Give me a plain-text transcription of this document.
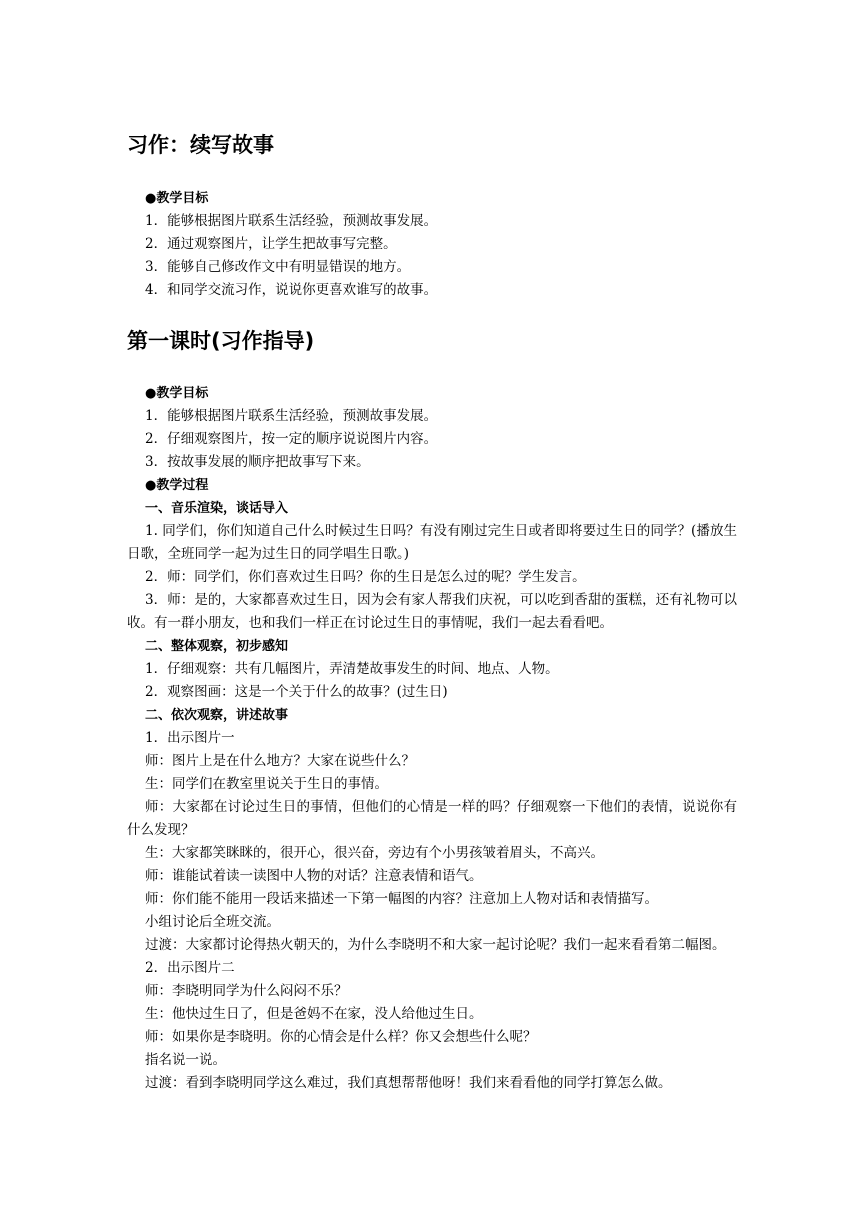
习作：续写故事
●教学目标
1．能够根据图片联系生活经验，预测故事发展。
2．通过观察图片，让学生把故事写完整。
3．能够自己修改作文中有明显错误的地方。
4．和同学交流习作，说说你更喜欢谁写的故事。
第一课时(习作指导)
●教学目标
1．能够根据图片联系生活经验，预测故事发展。
2．仔细观察图片，按一定的顺序说说图片内容。
3．按故事发展的顺序把故事写下来。
●教学过程
一、音乐渲染，谈话导入
1. 同学们，你们知道自己什么时候过生日吗？有没有刚过完生日或者即将要过生日的同学？(播放生日歌，全班同学一起为过生日的同学唱生日歌。)
2．师：同学们，你们喜欢过生日吗？你的生日是怎么过的呢？学生发言。
3．师：是的，大家都喜欢过生日，因为会有家人帮我们庆祝，可以吃到香甜的蛋糕，还有礼物可以收。有一群小朋友，也和我们一样正在讨论过生日的事情呢，我们一起去看看吧。
二、整体观察，初步感知
1．仔细观察：共有几幅图片，弄清楚故事发生的时间、地点、人物。
2．观察图画：这是一个关于什么的故事？(过生日)
二、依次观察，讲述故事
1．出示图片一
师：图片上是在什么地方？大家在说些什么？
生：同学们在教室里说关于生日的事情。
师：大家都在讨论过生日的事情，但他们的心情是一样的吗？仔细观察一下他们的表情，说说你有什么发现？
生：大家都笑眯眯的，很开心，很兴奋，旁边有个小男孩皱着眉头，不高兴。
师：谁能试着读一读图中人物的对话？注意表情和语气。
师：你们能不能用一段话来描述一下第一幅图的内容？注意加上人物对话和表情描写。
小组讨论后全班交流。
过渡：大家都讨论得热火朝天的，为什么李晓明不和大家一起讨论呢？我们一起来看看第二幅图。
2．出示图片二
师：李晓明同学为什么闷闷不乐？
生：他快过生日了，但是爸妈不在家，没人给他过生日。
师：如果你是李晓明。你的心情会是什么样？你又会想些什么呢？
指名说一说。
过渡：看到李晓明同学这么难过，我们真想帮帮他呀！我们来看看他的同学打算怎么做。
